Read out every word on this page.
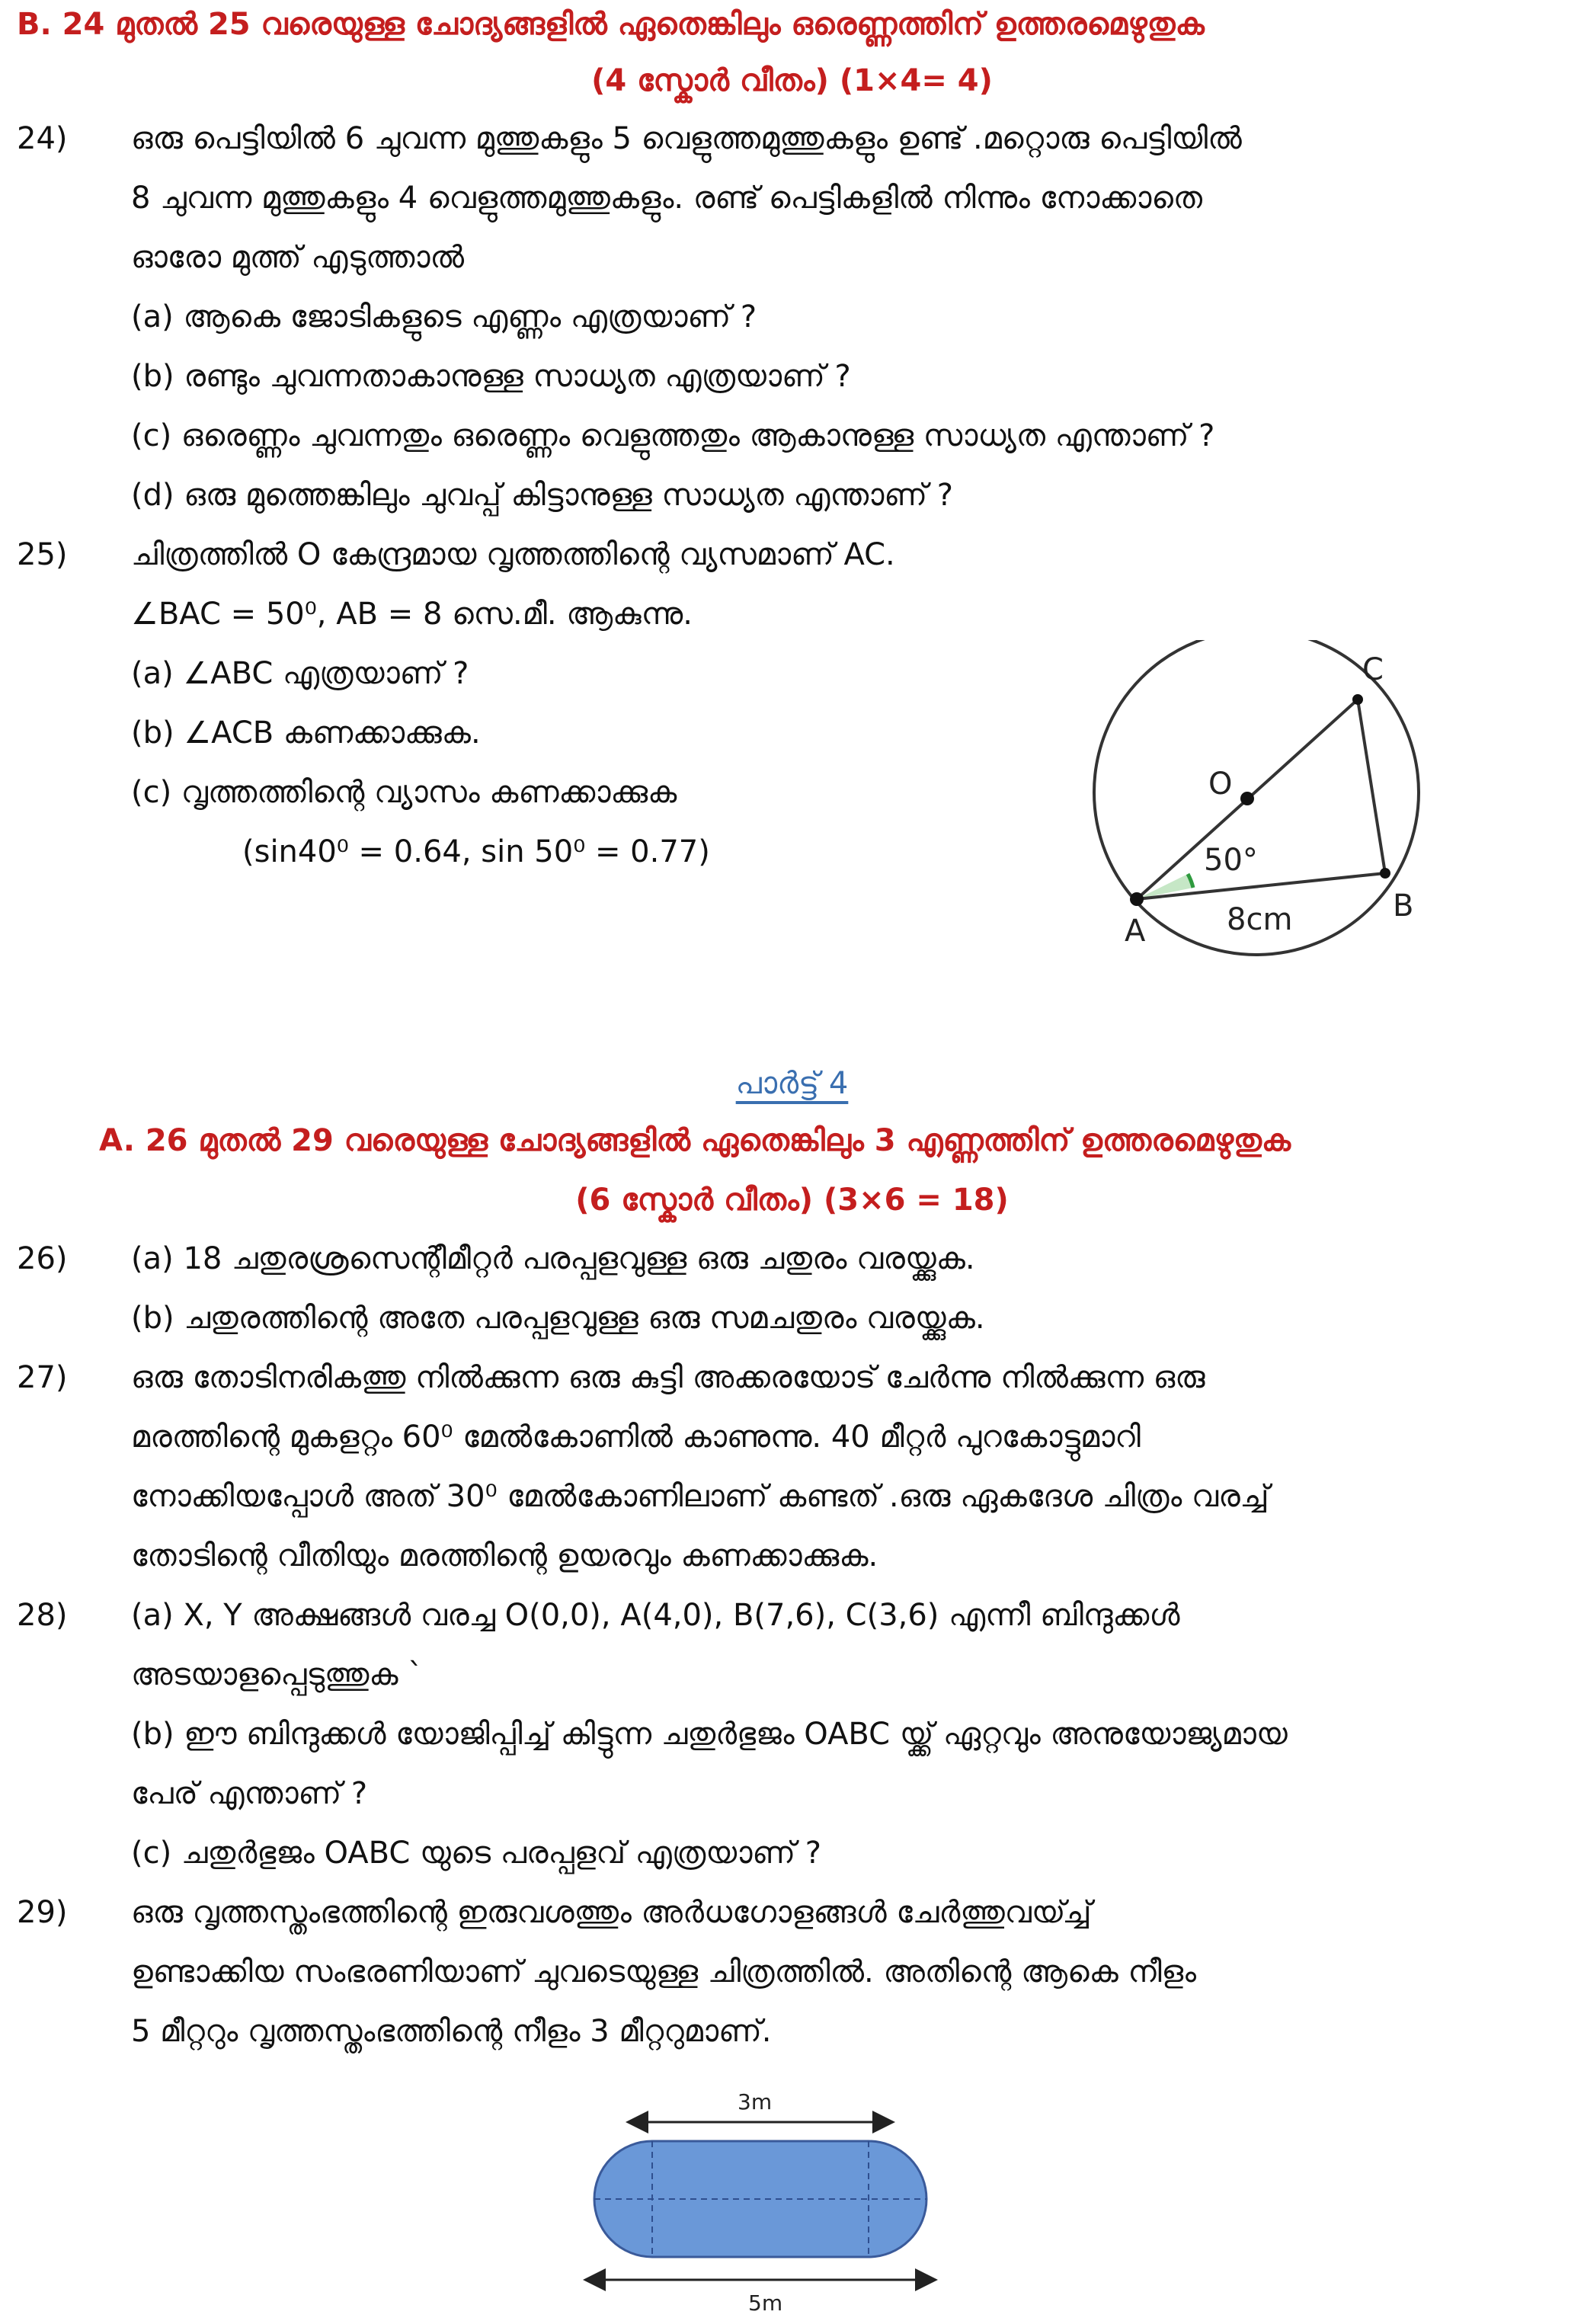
B. 24 മുതൽ 25 വരെയുള്ള ചോദ്യങ്ങളിൽ ഏതെങ്കിലും ഒരെണ്ണത്തിന് ഉത്തരമെഴുതുക
(4 സ്കോർ വീതം) (1×4= 4)
24) ഒരു പെട്ടിയിൽ 6 ചുവന്ന മുത്തുകളും 5 വെളുത്തമുത്തുകളും ഉണ്ട് .മറ്റൊരു പെട്ടിയിൽ
8 ചുവന്ന മുത്തുകളും 4 വെളുത്തമുത്തുകളും. രണ്ട് പെട്ടികളിൽ നിന്നും നോക്കാതെ
ഓരോ മുത്ത് എടുത്താൽ
(a) ആകെ ജോടികളുടെ എണ്ണം എത്രയാണ് ?
(b) രണ്ടും ചുവന്നതാകാനുള്ള സാധ്യത എത്രയാണ് ?
(c) ഒരെണ്ണം ചുവന്നതും ഒരെണ്ണം വെളുത്തതും ആകാനുള്ള സാധ്യത എന്താണ് ?
(d) ഒരു മുത്തെങ്കിലും ചുവപ്പ് കിട്ടാനുള്ള സാധ്യത എന്താണ് ?
25) ചിത്രത്തിൽ O കേന്ദ്രമായ വൃത്തത്തിന്റെ വ്യസമാണ് AC.
∠BAC = 50⁰, AB = 8 സെ.മീ. ആകുന്നു.
(a) ∠ABC എത്രയാണ് ?
(b) ∠ACB കണക്കാക്കുക.
(c) വൃത്തത്തിന്റെ വ്യാസം കണക്കാക്കുക
(sin40⁰ = 0.64, sin 50⁰ = 0.77)
A
B
C
O
50°
8cm
പാർട്ട് 4
A. 26 മുതൽ 29 വരെയുള്ള ചോദ്യങ്ങളിൽ ഏതെങ്കിലും 3 എണ്ണത്തിന് ഉത്തരമെഴുതുക
(6 സ്കോർ വീതം) (3×6 = 18)
26) (a) 18 ചതുരശ്രസെന്റീമീറ്റർ പരപ്പളവുള്ള ഒരു ചതുരം വരയ്ക്കുക.
(b) ചതുരത്തിന്റെ അതേ പരപ്പളവുള്ള ഒരു സമചതുരം വരയ്ക്കുക.
27) ഒരു തോടിനരികത്തു നിൽക്കുന്ന ഒരു കുട്ടി അക്കരയോട് ചേർന്നു നിൽക്കുന്ന ഒരു
മരത്തിന്റെ മുകളറ്റം 60⁰ മേൽകോണിൽ കാണുന്നു. 40 മീറ്റർ പുറകോട്ടുമാറി
നോക്കിയപ്പോൾ അത് 30⁰ മേൽകോണിലാണ് കണ്ടത് .ഒരു ഏകദേശ ചിത്രം വരച്ച്
തോടിന്റെ വീതിയും മരത്തിന്റെ ഉയരവും കണക്കാക്കുക.
28) (a) X, Y അക്ഷങ്ങൾ വരച്ച O(0,0), A(4,0), B(7,6), C(3,6) എന്നീ ബിന്ദുക്കൾ
അടയാളപ്പെടുത്തുക `
(b) ഈ ബിന്ദുക്കൾ യോജിപ്പിച്ച് കിട്ടുന്ന ചതുർഭുജം OABC യ്ക്ക് ഏറ്റവും അനുയോജ്യമായ
പേര് എന്താണ് ?
(c) ചതുർഭുജം OABC യുടെ പരപ്പളവ് എത്രയാണ് ?
29) ഒരു വൃത്തസ്തംഭത്തിന്റെ ഇരുവശത്തും അർധഗോളങ്ങൾ ചേർത്തുവയ്ച്ച്
ഉണ്ടാക്കിയ സംഭരണിയാണ് ചുവടെയുള്ള ചിത്രത്തിൽ. അതിന്റെ ആകെ നീളം
5 മീറ്ററും വൃത്തസ്തംഭത്തിന്റെ നീളം 3 മീറ്ററുമാണ്.
3m
5m
